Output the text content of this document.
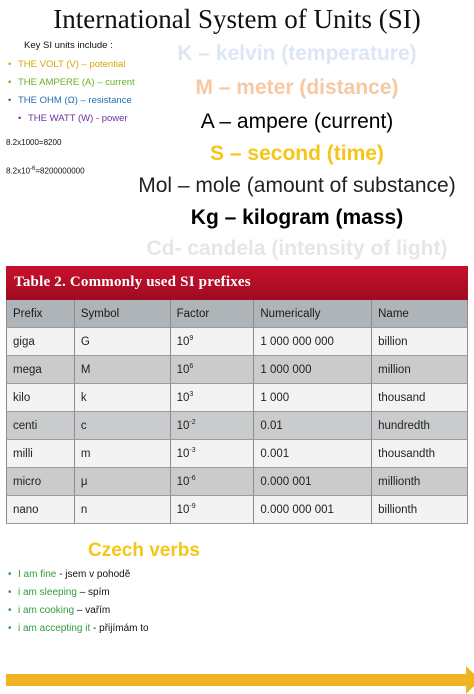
International System of Units (SI)
Key SI units include :
• THE VOLT (V) – potential
• THE AMPERE (A) – current
• THE OHM (Ω) – resistance
• THE WATT (W) - power
8.2x1000=8200
$8.2x10^{-6}=8200000000$
K – kelvin (temperature)
M – meter (distance)
A – ampere (current)
S – second (time)
Mol – mole (amount of substance)
Kg – kilogram (mass)
Cd- candela (intensity of light)
Table 2. Commonly used SI prefixes
Prefix	Symbol	Factor	Numerically	Name
giga	G	$10^9$	1 000 000 000	billion
mega	M	$10^6$	1 000 000	million
kilo	k	$10^3$	1 000	thousand
centi	c	$10^{-2}$	0.01	hundredth
milli	m	$10^{-3}$	0.001	thousandth
micro	μ	$10^{-6}$	0.000 001	millionth
nano	n	$10^{-9}$	0.000 000 001	billionth
Czech verbs
• I am fine - jsem v pohodě
• i am sleeping – spím
• i am cooking – vařím
• i am accepting it - přijímám to
